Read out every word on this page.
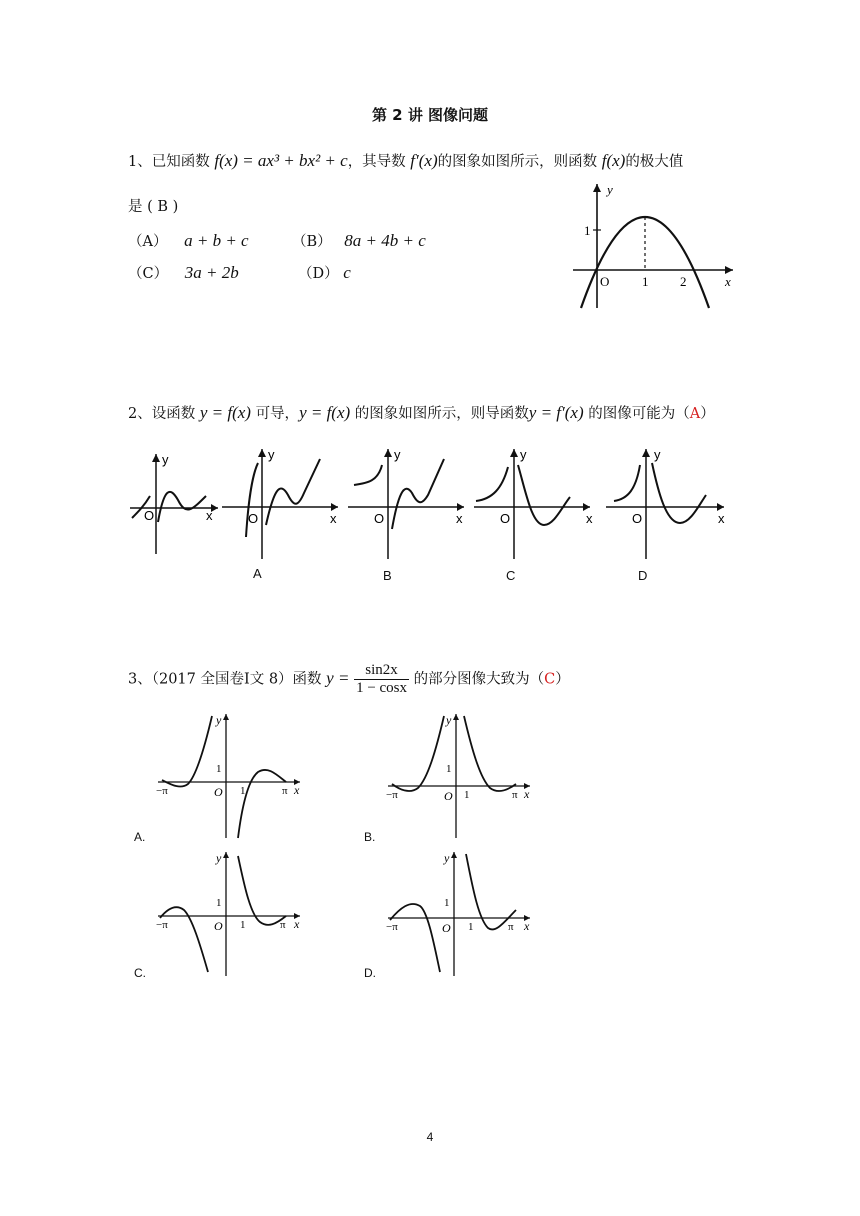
第 2 讲 图像问题
1、已知函数 f(x) = ax³ + bx² + c，其导数 f′(x)的图象如图所示，则函数 f(x)的极大值
是 ( B )
（A） a + b + c	（B） 8a + 4b + c
（C） 3a + 2b	（D） c
y
x
O	1 2
1
2、设函数 y = f(x) 可导，y = f(x) 的图象如图所示，则导函数y = f′(x) 的图像可能为（A）
y
x
O
y
x
O
y
x
O
y
x
O
y
x
O
A	B	C	D
3、（2017 全国卷Ⅰ文 8）函数 $y = \frac{\sin 2x}{1 - \cos x}$ 的部分图像大致为（C）
y
x
O
1
1	π
−π
A.
y
x
O
1
1	π
−π
B.
y
x
O
1
1	π
−π
C.
y
x
O
1
1	π
−π
D.
4
